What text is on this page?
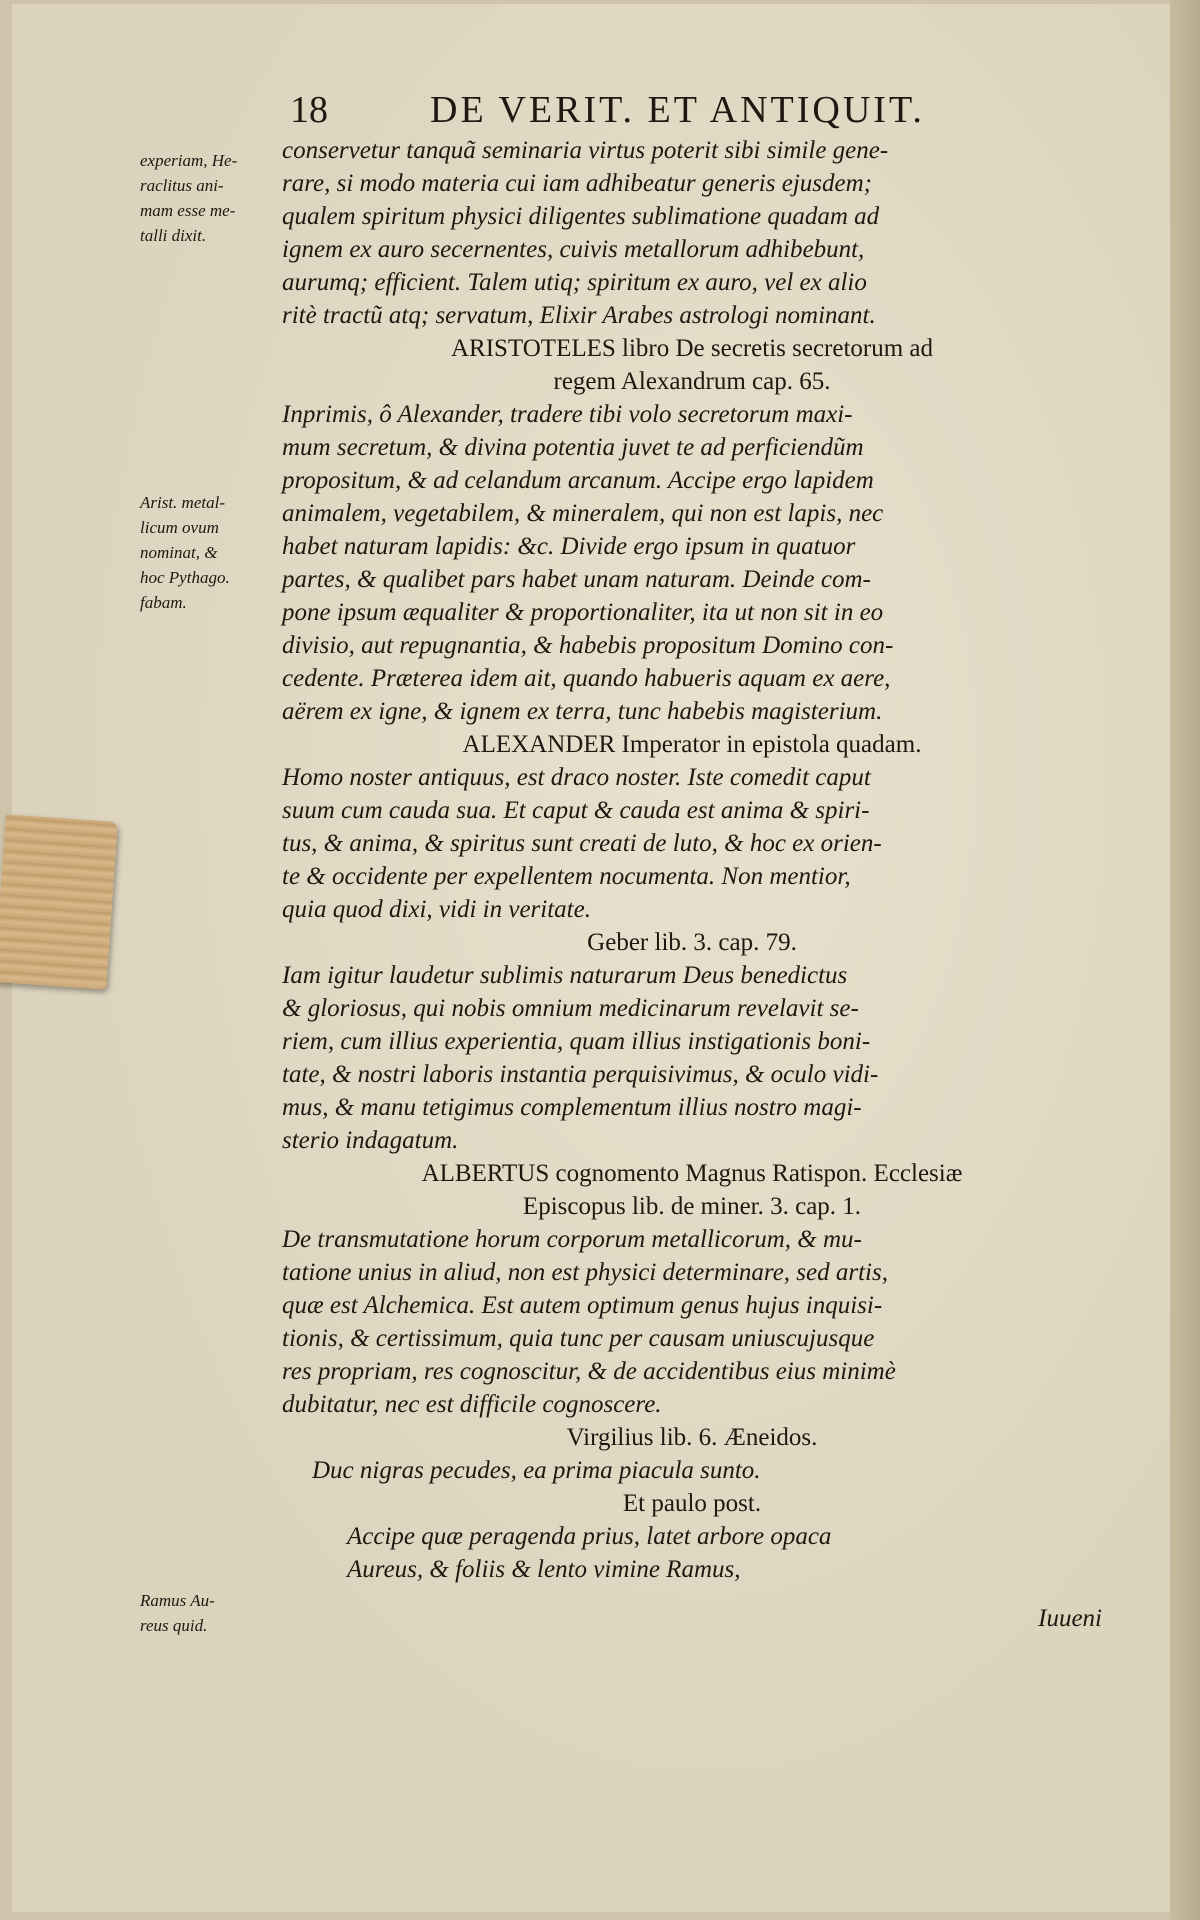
18	DE VERIT. ET ANTIQUIT.
experiam, He-
raclitus ani-
mam esse me-
talli dixit.
Arist. metal-
licum ovum
nominat, &
hoc Pythago.
fabam.
Ramus Au-
reus quid.
conservetur tanquã seminaria virtus poterit sibi simile gene-
rare, si modo materia cui iam adhibeatur generis ejusdem;
qualem spiritum physici diligentes sublimatione quadam ad
ignem ex auro secernentes, cuivis metallorum adhibebunt,
aurumq; efficient. Talem utiq; spiritum ex auro, vel ex alio
ritè tractũ atq; servatum, Elixir Arabes astrologi nominant.
ARISTOTELES libro De secretis secretorum ad
regem Alexandrum cap. 65.
Inprimis, ô Alexander, tradere tibi volo secretorum maxi-
mum secretum, & divina potentia juvet te ad perficiendũm
propositum, & ad celandum arcanum. Accipe ergo lapidem
animalem, vegetabilem, & mineralem, qui non est lapis, nec
habet naturam lapidis: &c. Divide ergo ipsum in quatuor
partes, & qualibet pars habet unam naturam. Deinde com-
pone ipsum æqualiter & proportionaliter, ita ut non sit in eo
divisio, aut repugnantia, & habebis propositum Domino con-
cedente. Præterea idem ait, quando habueris aquam ex aere,
aërem ex igne, & ignem ex terra, tunc habebis magisterium.
ALEXANDER Imperator in epistola quadam.
Homo noster antiquus, est draco noster. Iste comedit caput
suum cum cauda sua. Et caput & cauda est anima & spiri-
tus, & anima, & spiritus sunt creati de luto, & hoc ex orien-
te & occidente per expellentem nocumenta. Non mentior,
quia quod dixi, vidi in veritate.
Geber lib. 3. cap. 79.
Iam igitur laudetur sublimis naturarum Deus benedictus
& gloriosus, qui nobis omnium medicinarum revelavit se-
riem, cum illius experientia, quam illius instigationis boni-
tate, & nostri laboris instantia perquisivimus, & oculo vidi-
mus, & manu tetigimus complementum illius nostro magi-
sterio indagatum.
ALBERTUS cognomento Magnus Ratispon. Ecclesiæ
Episcopus lib. de miner. 3. cap. 1.
De transmutatione horum corporum metallicorum, & mu-
tatione unius in aliud, non est physici determinare, sed artis,
quæ est Alchemica. Est autem optimum genus hujus inquisi-
tionis, & certissimum, quia tunc per causam uniuscujusque
res propriam, res cognoscitur, & de accidentibus eius minimè
dubitatur, nec est difficile cognoscere.
Virgilius lib. 6. Æneidos.
Duc nigras pecudes, ea prima piacula sunto.
Et paulo post.
Accipe quæ peragenda prius, latet arbore opaca
Aureus, & foliis & lento vimine Ramus,
Iuueni
